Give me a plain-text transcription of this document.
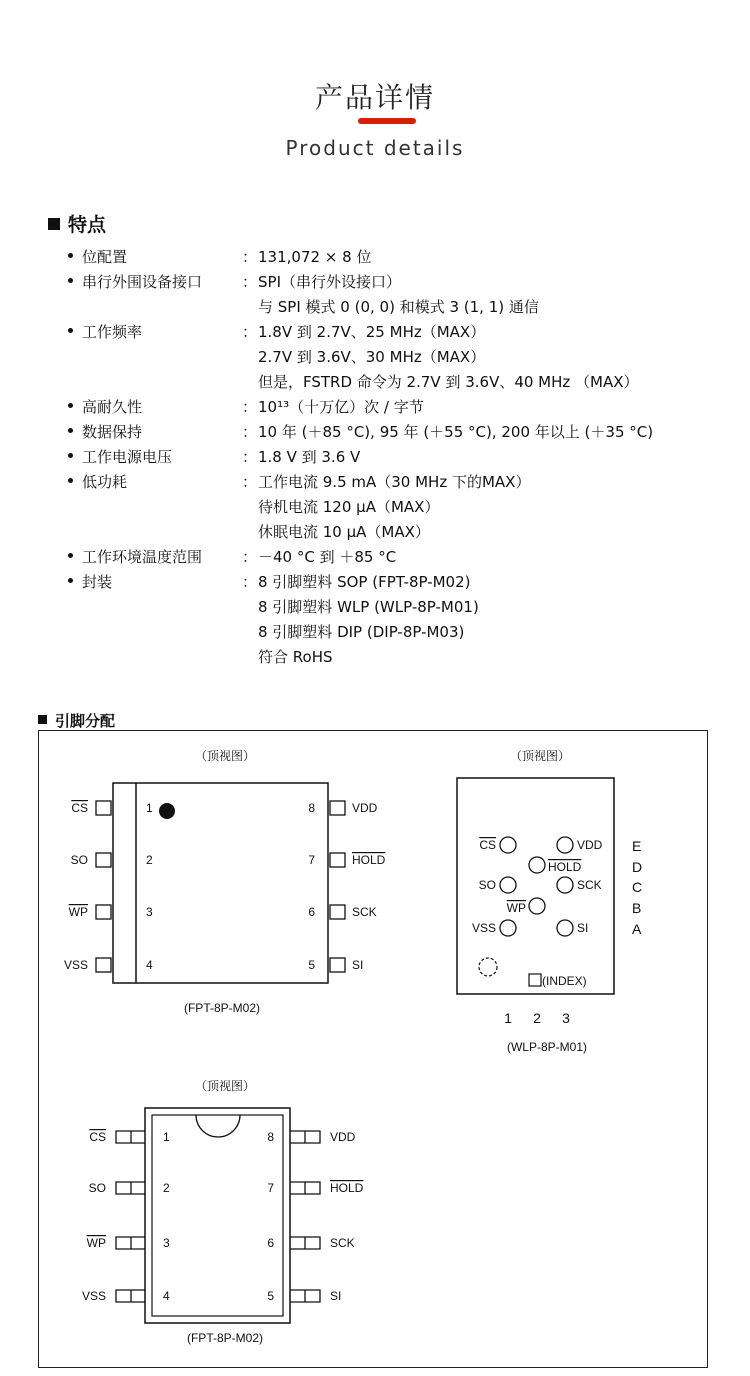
产品详情
Product details
特点
位配置	： 131,072 × 8 位
串行外围设备接口	： SPI（串行外设接口）
与 SPI 模式 0 (0, 0) 和模式 3 (1, 1) 通信
工作频率	： 1.8V 到 2.7V、25 MHz（MAX）
2.7V 到 3.6V、30 MHz（MAX）
但是，FSTRD 命令为 2.7V 到 3.6V、40 MHz （MAX）
高耐久性	： 10¹³（十万亿）次 / 字节
数据保持	： 10 年 (＋85 °C), 95 年 (＋55 °C), 200 年以上 (＋35 °C)
工作电源电压	： 1.8 V 到 3.6 V
低功耗	： 工作电流 9.5 mA（30 MHz 下的MAX）
待机电流 120 μA（MAX）
休眠电流 10 μA（MAX）
工作环境温度范围	： －40 °C 到 ＋85 °C
封装	： 8 引脚塑料 SOP (FPT-8P-M02)
8 引脚塑料 WLP (WLP-8P-M01)
8 引脚塑料 DIP (DIP-8P-M03)
符合 RoHS
引脚分配
（顶视图）
CS	1
SO	2
WP	3
VSS	4
VDD
8
HOLD
7
SCK
6
SI
5
(FPT-8P-M02)
（顶视图）
CS	VDD
HOLD
SO	SCK
WP
VSS	SI
(INDEX)
E
D
C
B
A
1 2 3
(WLP-8P-M01)
（顶视图）
CS	1
SO	2
WP	3
VSS	4
VDD
8
HOLD
7
SCK
6
SI
5
(FPT-8P-M02)
